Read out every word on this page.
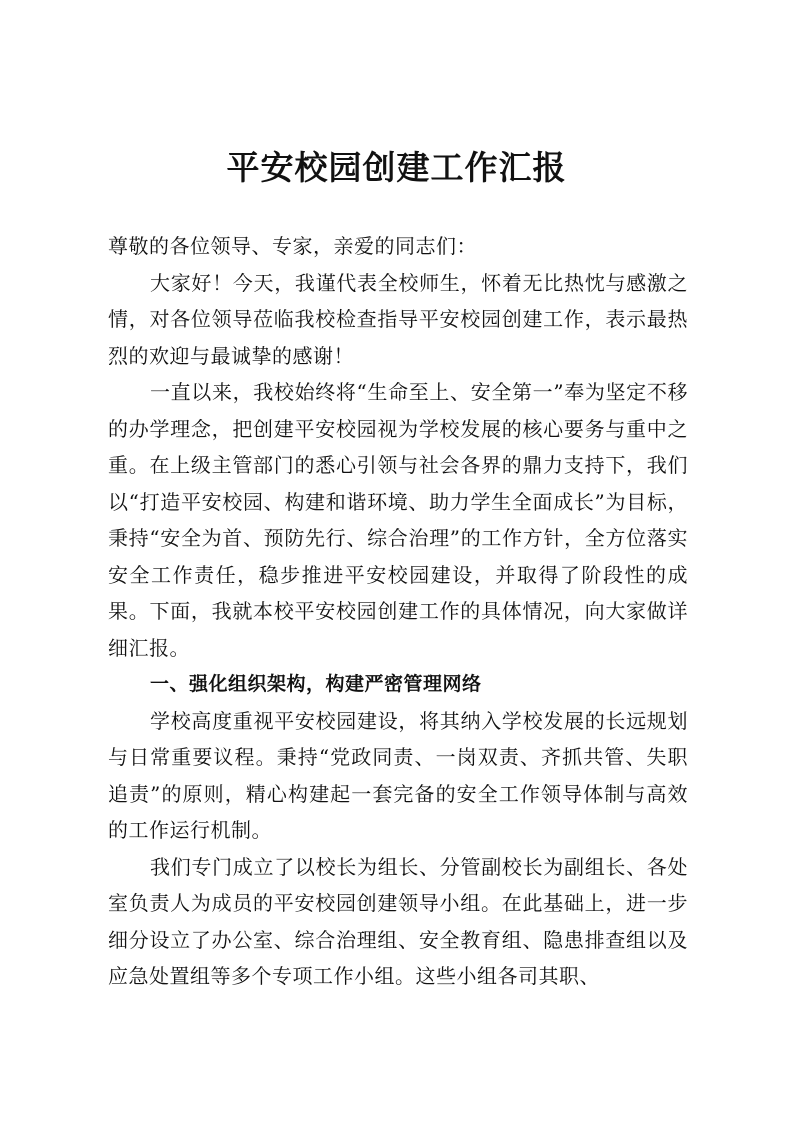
平安校园创建工作汇报

尊敬的各位领导、专家，亲爱的同志们：

大家好！今天，我谨代表全校师生，怀着无比热忱与感激之情，对各位领导莅临我校检查指导平安校园创建工作，表示最热烈的欢迎与最诚挚的感谢！

一直以来，我校始终将“生命至上、安全第一”奉为坚定不移的办学理念，把创建平安校园视为学校发展的核心要务与重中之重。在上级主管部门的悉心引领与社会各界的鼎力支持下，我们以“打造平安校园、构建和谐环境、助力学生全面成长”为目标，秉持“安全为首、预防先行、综合治理”的工作方针，全方位落实安全工作责任，稳步推进平安校园建设，并取得了阶段性的成果。下面，我就本校平安校园创建工作的具体情况，向大家做详细汇报。

一、强化组织架构，构建严密管理网络

学校高度重视平安校园建设，将其纳入学校发展的长远规划与日常重要议程。秉持“党政同责、一岗双责、齐抓共管、失职追责”的原则，精心构建起一套完备的安全工作领导体制与高效的工作运行机制。

我们专门成立了以校长为组长、分管副校长为副组长、各处室负责人为成员的平安校园创建领导小组。在此基础上，进一步细分设立了办公室、综合治理组、安全教育组、隐患排查组以及应急处置组等多个专项工作小组。这些小组各司其职、
